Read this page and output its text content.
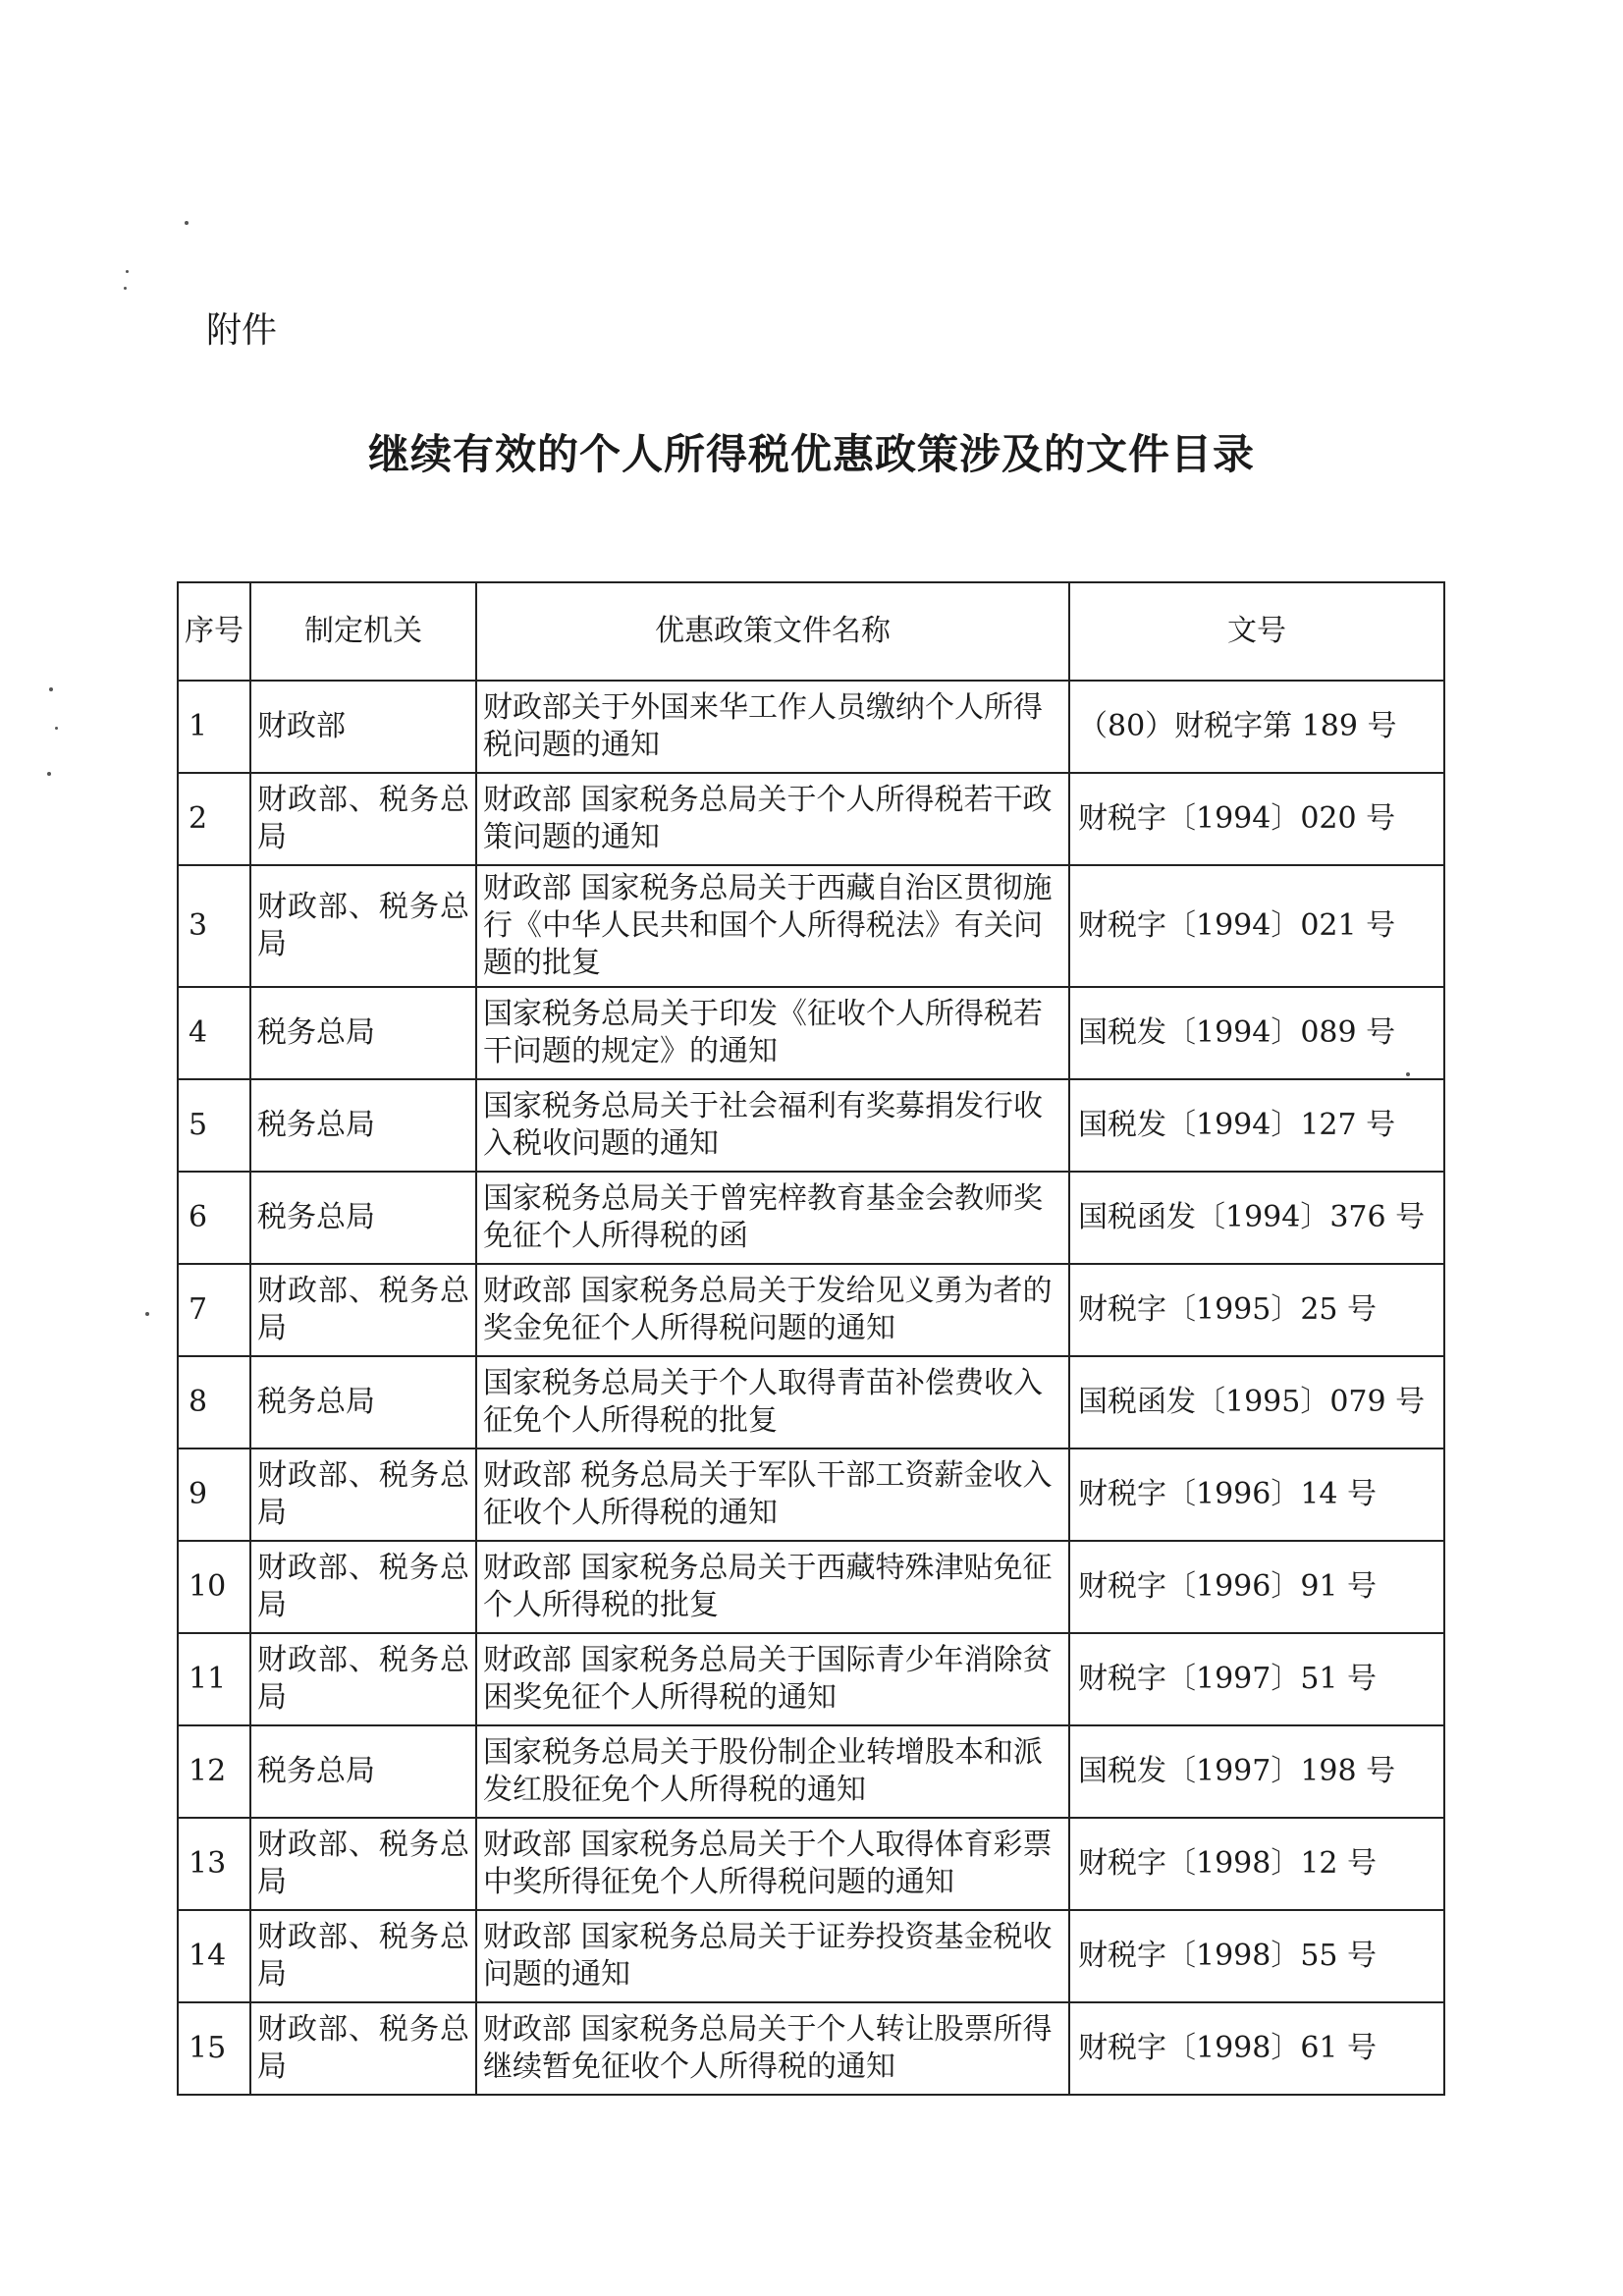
附件
继续有效的个人所得税优惠政策涉及的文件目录
序号	制定机关	优惠政策文件名称	文号
1	财政部	财政部关于外国来华工作人员缴纳个人所得税问题的通知	（80）财税字第 189 号
2	财政部、税务总局	财政部 国家税务总局关于个人所得税若干政策问题的通知	财税字〔1994〕020 号
3	财政部、税务总局	财政部 国家税务总局关于西藏自治区贯彻施行《中华人民共和国个人所得税法》有关问题的批复	财税字〔1994〕021 号
4	税务总局	国家税务总局关于印发《征收个人所得税若干问题的规定》的通知	国税发〔1994〕089 号
5	税务总局	国家税务总局关于社会福利有奖募捐发行收入税收问题的通知	国税发〔1994〕127 号
6	税务总局	国家税务总局关于曾宪梓教育基金会教师奖免征个人所得税的函	国税函发〔1994〕376 号
7	财政部、税务总局	财政部 国家税务总局关于发给见义勇为者的奖金免征个人所得税问题的通知	财税字〔1995〕25 号
8	税务总局	国家税务总局关于个人取得青苗补偿费收入征免个人所得税的批复	国税函发〔1995〕079 号
9	财政部、税务总局	财政部 税务总局关于军队干部工资薪金收入征收个人所得税的通知	财税字〔1996〕14 号
10	财政部、税务总局	财政部 国家税务总局关于西藏特殊津贴免征个人所得税的批复	财税字〔1996〕91 号
11	财政部、税务总局	财政部 国家税务总局关于国际青少年消除贫困奖免征个人所得税的通知	财税字〔1997〕51 号
12	税务总局	国家税务总局关于股份制企业转增股本和派发红股征免个人所得税的通知	国税发〔1997〕198 号
13	财政部、税务总局	财政部 国家税务总局关于个人取得体育彩票中奖所得征免个人所得税问题的通知	财税字〔1998〕12 号
14	财政部、税务总局	财政部 国家税务总局关于证券投资基金税收问题的通知	财税字〔1998〕55 号
15	财政部、税务总局	财政部 国家税务总局关于个人转让股票所得继续暂免征收个人所得税的通知	财税字〔1998〕61 号
